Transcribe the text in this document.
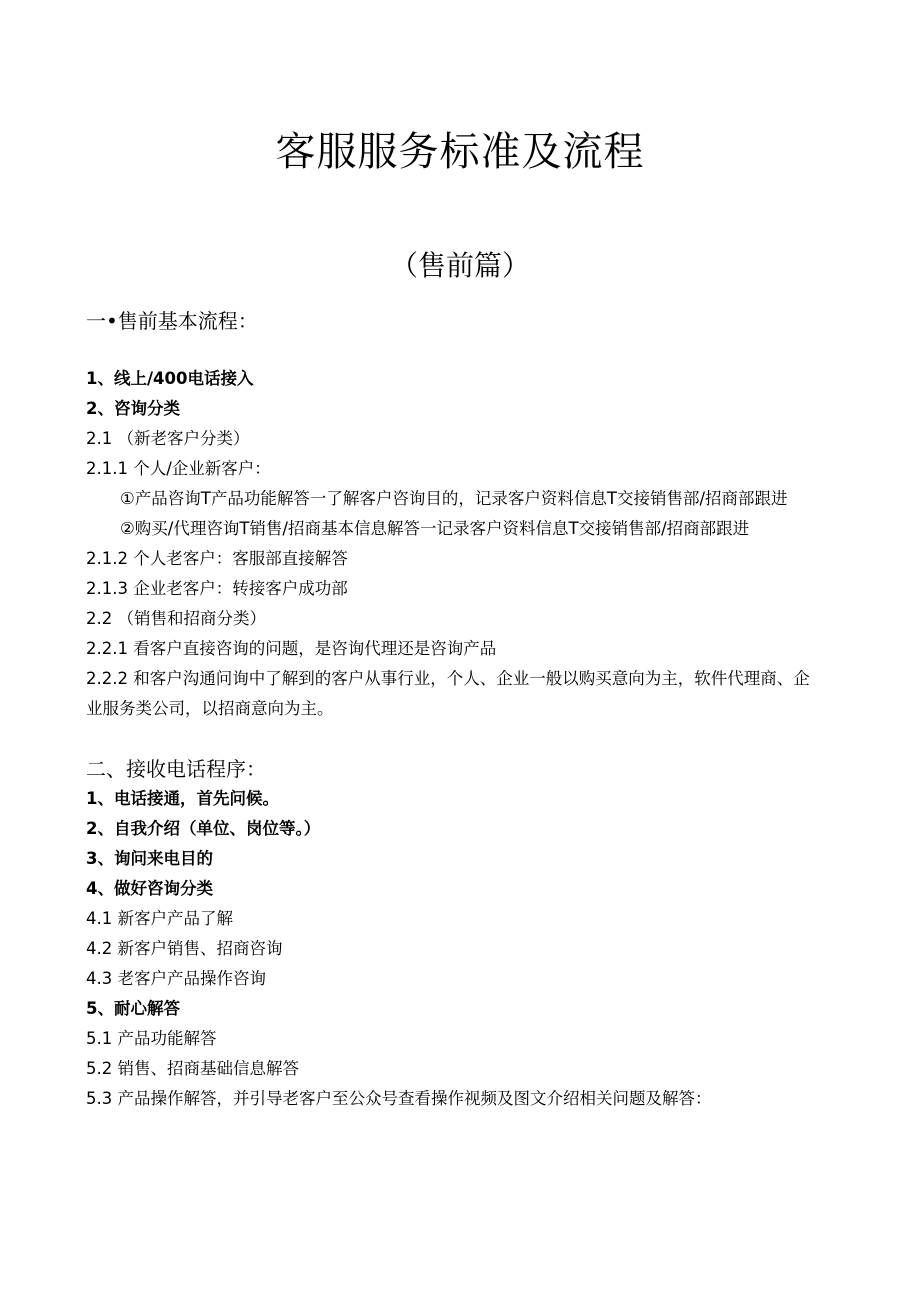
客服服务标准及流程
（售前篇）

一•售前基本流程：

1、线上/400电话接入

2、咨询分类

2.1 （新老客户分类）

2.1.1 个人/企业新客户：

①产品咨询T产品功能解答一了解客户咨询目的，记录客户资料信息T交接销售部/招商部跟进

②购买/代理咨询T销售/招商基本信息解答一记录客户资料信息T交接销售部/招商部跟进

2.1.2 个人老客户：客服部直接解答

2.1.3 企业老客户：转接客户成功部

2.2 （销售和招商分类）

2.2.1 看客户直接咨询的问题，是咨询代理还是咨询产品

2.2.2 和客户沟通问询中了解到的客户从事行业，个人、企业一般以购买意向为主，软件代理商、企业服务类公司，以招商意向为主。

二、接收电话程序：

1、电话接通，首先问候。

2、自我介绍（单位、岗位等。）

3、询问来电目的

4、做好咨询分类

4.1 新客户产品了解

4.2 新客户销售、招商咨询

4.3 老客户产品操作咨询

5、耐心解答

5.1 产品功能解答

5.2 销售、招商基础信息解答

5.3 产品操作解答，并引导老客户至公众号查看操作视频及图文介绍相关问题及解答：
